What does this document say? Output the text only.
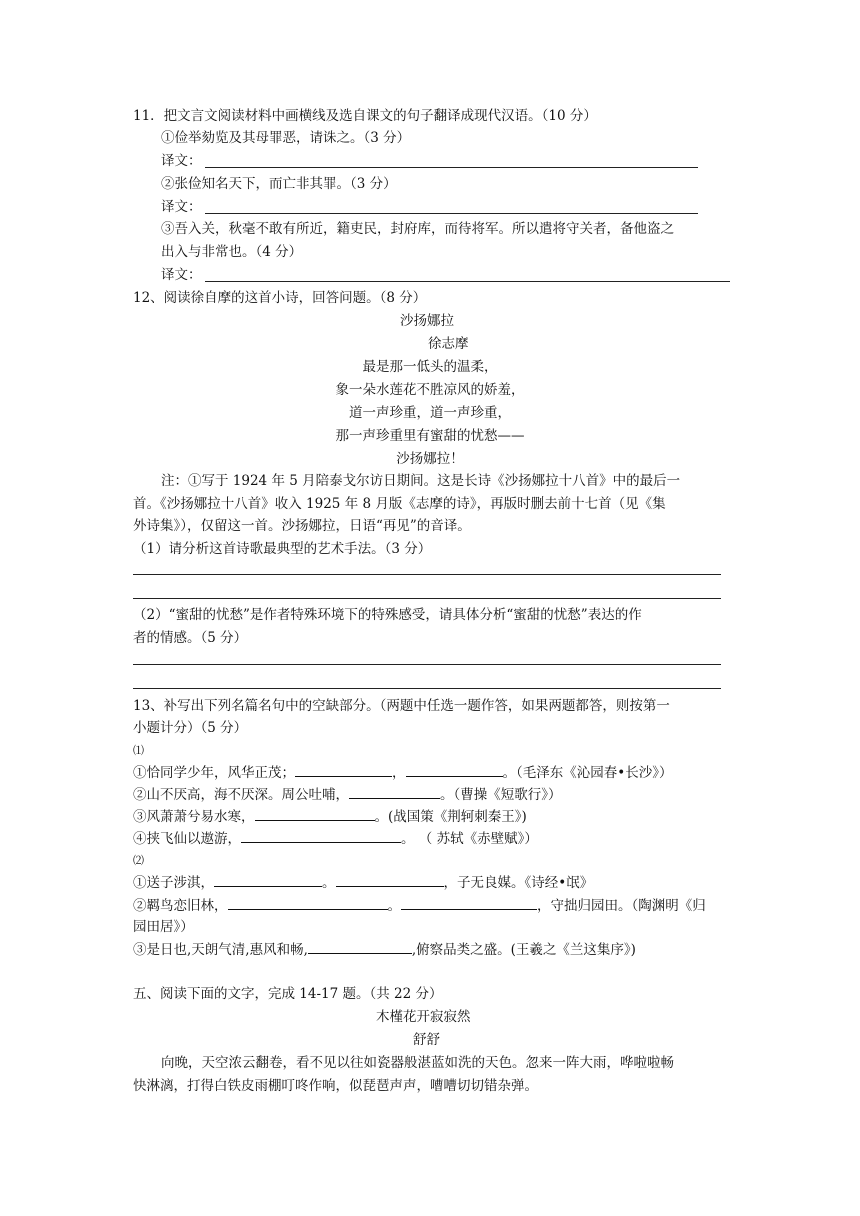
11．把文言文阅读材料中画横线及选自课文的句子翻译成现代汉语。（10 分）
①俭举劾览及其母罪恶，请诛之。（3 分）
译文：
②张俭知名天下，而亡非其罪。（3 分）
译文：
③吾入关，秋毫不敢有所近，籍吏民，封府库，而待将军。所以遣将守关者，备他盗之
出入与非常也。（4 分）
译文：
12、阅读徐自摩的这首小诗，回答问题。（8 分）
沙扬娜拉
徐志摩
最是那一低头的温柔，
象一朵水莲花不胜凉风的娇羞，
道一声珍重，道一声珍重，
那一声珍重里有蜜甜的忧愁——
沙扬娜拉！
注：①写于 1924 年 5 月陪泰戈尔访日期间。这是长诗《沙扬娜拉十八首》中的最后一
首。《沙扬娜拉十八首》收入 1925 年 8 月版《志摩的诗》，再版时删去前十七首（见《集
外诗集》），仅留这一首。沙扬娜拉，日语“再见”的音译。
（1）请分析这首诗歌最典型的艺术手法。（3 分）
（2）“蜜甜的忧愁”是作者特殊环境下的特殊感受，请具体分析“蜜甜的忧愁”表达的作
者的情感。（5 分）
13、补写出下列名篇名句中的空缺部分。（两题中任选一题作答，如果两题都答，则按第一
小题计分）（5 分）
⑴
①恰同学少年，风华正茂；	，	。（毛泽东《沁园春•长沙》）
②山不厌高，海不厌深。周公吐哺，	。（曹操《短歌行》）
③风萧萧兮易水寒，	。(战国策《荆轲刺秦王》)
④挟飞仙以遨游，	。 （ 苏轼《赤壁赋》）
⑵
①送子涉淇，	。	，子无良媒。《诗经•氓》
②羁鸟恋旧林，	。	，守拙归园田。（陶渊明《归
园田居》）
③是日也,天朗气清,惠风和畅,	,俯察品类之盛。(王羲之《兰这集序》)
五、阅读下面的文字，完成 14-17 题。（共 22 分）
木槿花开寂寂然
舒舒
向晚，天空浓云翻卷，看不见以往如瓷器般湛蓝如洗的天色。忽来一阵大雨，哗啦啦畅
快淋漓，打得白铁皮雨棚叮咚作响，似琵琶声声，嘈嘈切切错杂弹。
